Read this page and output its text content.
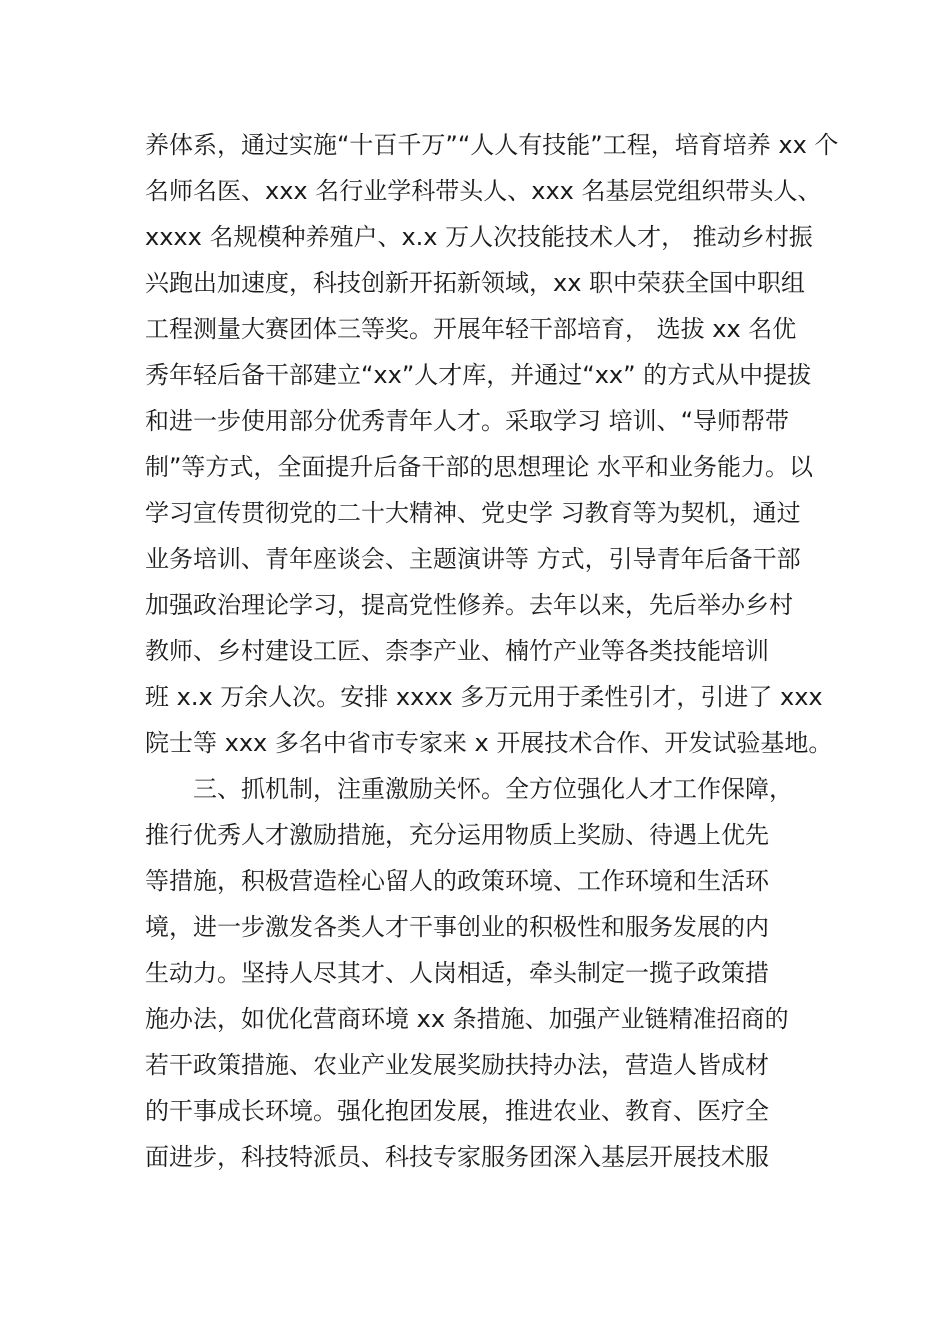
养体系，通过实施“十百千万”“人人有技能”工程，培育培养 xx 个
名师名医、xxx 名行业学科带头人、xxx 名基层党组织带头人、
xxxx 名规模种养殖户、x.x 万人次技能技术人才， 推动乡村振
兴跑出加速度，科技创新开拓新领域，xx 职中荣获全国中职组
工程测量大赛团体三等奖。开展年轻干部培育， 选拔 xx 名优
秀年轻后备干部建立“xx”人才库，并通过“xx” 的方式从中提拔
和进一步使用部分优秀青年人才。采取学习 培训、“导师帮带
制”等方式，全面提升后备干部的思想理论 水平和业务能力。以
学习宣传贯彻党的二十大精神、党史学 习教育等为契机，通过
业务培训、青年座谈会、主题演讲等 方式，引导青年后备干部
加强政治理论学习，提高党性修养。去年以来，先后举办乡村
教师、乡村建设工匠、柰李产业、楠竹产业等各类技能培训
班 x.x 万余人次。安排 xxxx 多万元用于柔性引才，引进了 xxx
院士等 xxx 多名中省市专家来 x 开展技术合作、开发试验基地。
三、抓机制，注重激励关怀。全方位强化人才工作保障，
推行优秀人才激励措施，充分运用物质上奖励、待遇上优先
等措施，积极营造栓心留人的政策环境、工作环境和生活环
境，进一步激发各类人才干事创业的积极性和服务发展的内
生动力。坚持人尽其才、人岗相适，牵头制定一揽子政策措
施办法，如优化营商环境 xx 条措施、加强产业链精准招商的
若干政策措施、农业产业发展奖励扶持办法，营造人皆成材
的干事成长环境。强化抱团发展，推进农业、教育、医疗全
面进步，科技特派员、科技专家服务团深入基层开展技术服
